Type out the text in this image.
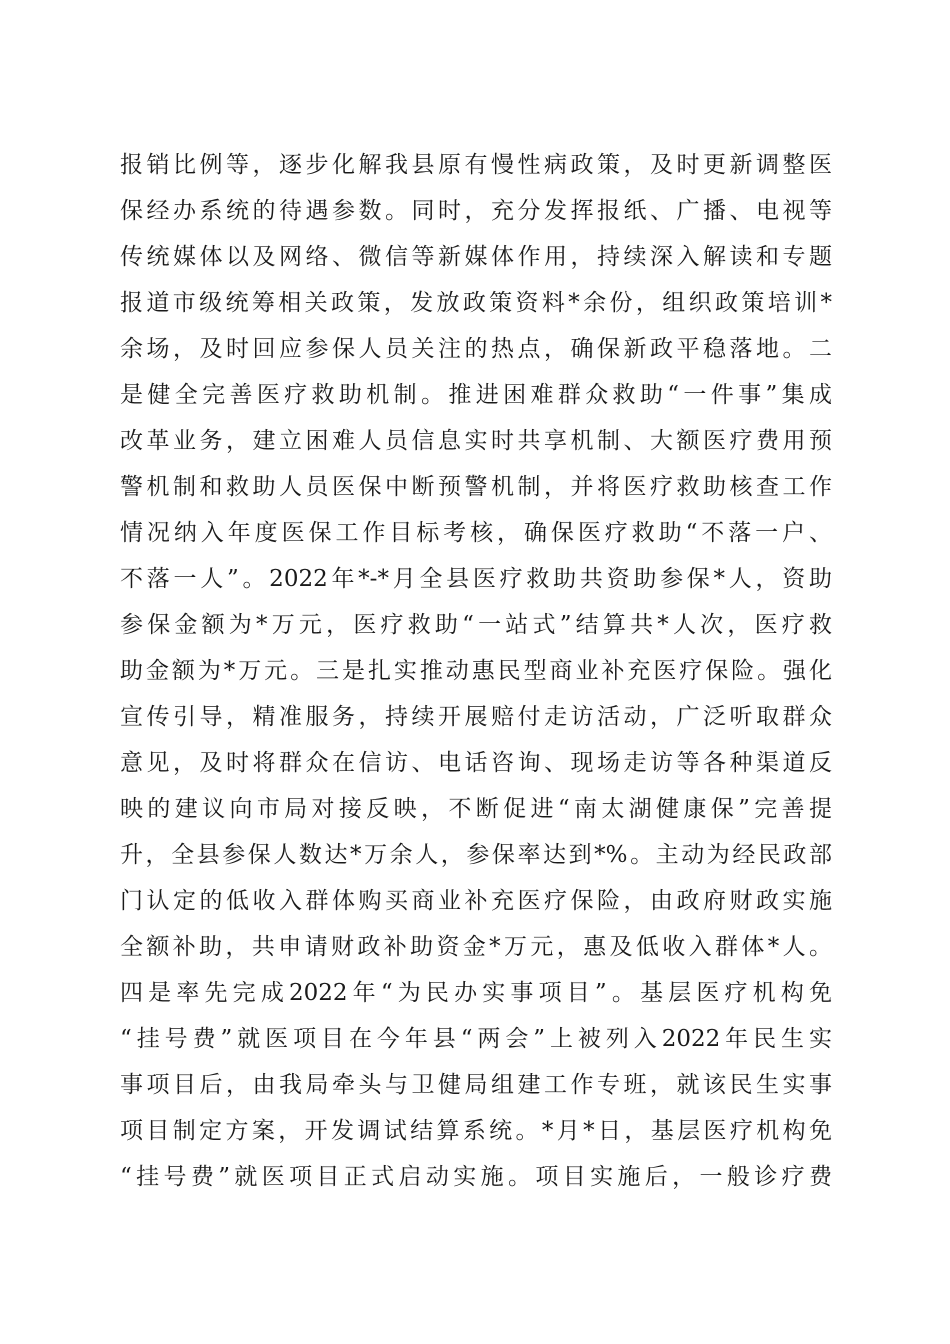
报销比例等，逐步化解我县原有慢性病政策，及时更新调整医
保经办系统的待遇参数。同时，充分发挥报纸、广播、电视等
传统媒体以及网络、微信等新媒体作用，持续深入解读和专题
报道市级统筹相关政策，发放政策资料*余份，组织政策培训*
余场，及时回应参保人员关注的热点，确保新政平稳落地。二
是健全完善医疗救助机制。推进困难群众救助“一件事”集成
改革业务，建立困难人员信息实时共享机制、大额医疗费用预
警机制和救助人员医保中断预警机制，并将医疗救助核查工作
情况纳入年度医保工作目标考核，确保医疗救助“不落一户、
不落一人”。2022年*-*月全县医疗救助共资助参保*人，资助
参保金额为*万元，医疗救助“一站式”结算共*人次，医疗救
助金额为*万元。三是扎实推动惠民型商业补充医疗保险。强化
宣传引导，精准服务，持续开展赔付走访活动，广泛听取群众
意见，及时将群众在信访、电话咨询、现场走访等各种渠道反
映的建议向市局对接反映，不断促进“南太湖健康保”完善提
升，全县参保人数达*万余人，参保率达到*%。主动为经民政部
门认定的低收入群体购买商业补充医疗保险，由政府财政实施
全额补助，共申请财政补助资金*万元，惠及低收入群体*人。
四是率先完成2022年“为民办实事项目”。基层医疗机构免
“挂号费”就医项目在今年县“两会”上被列入2022年民生实
事项目后，由我局牵头与卫健局组建工作专班，就该民生实事
项目制定方案，开发调试结算系统。*月*日，基层医疗机构免
“挂号费”就医项目正式启动实施。项目实施后，一般诊疗费
